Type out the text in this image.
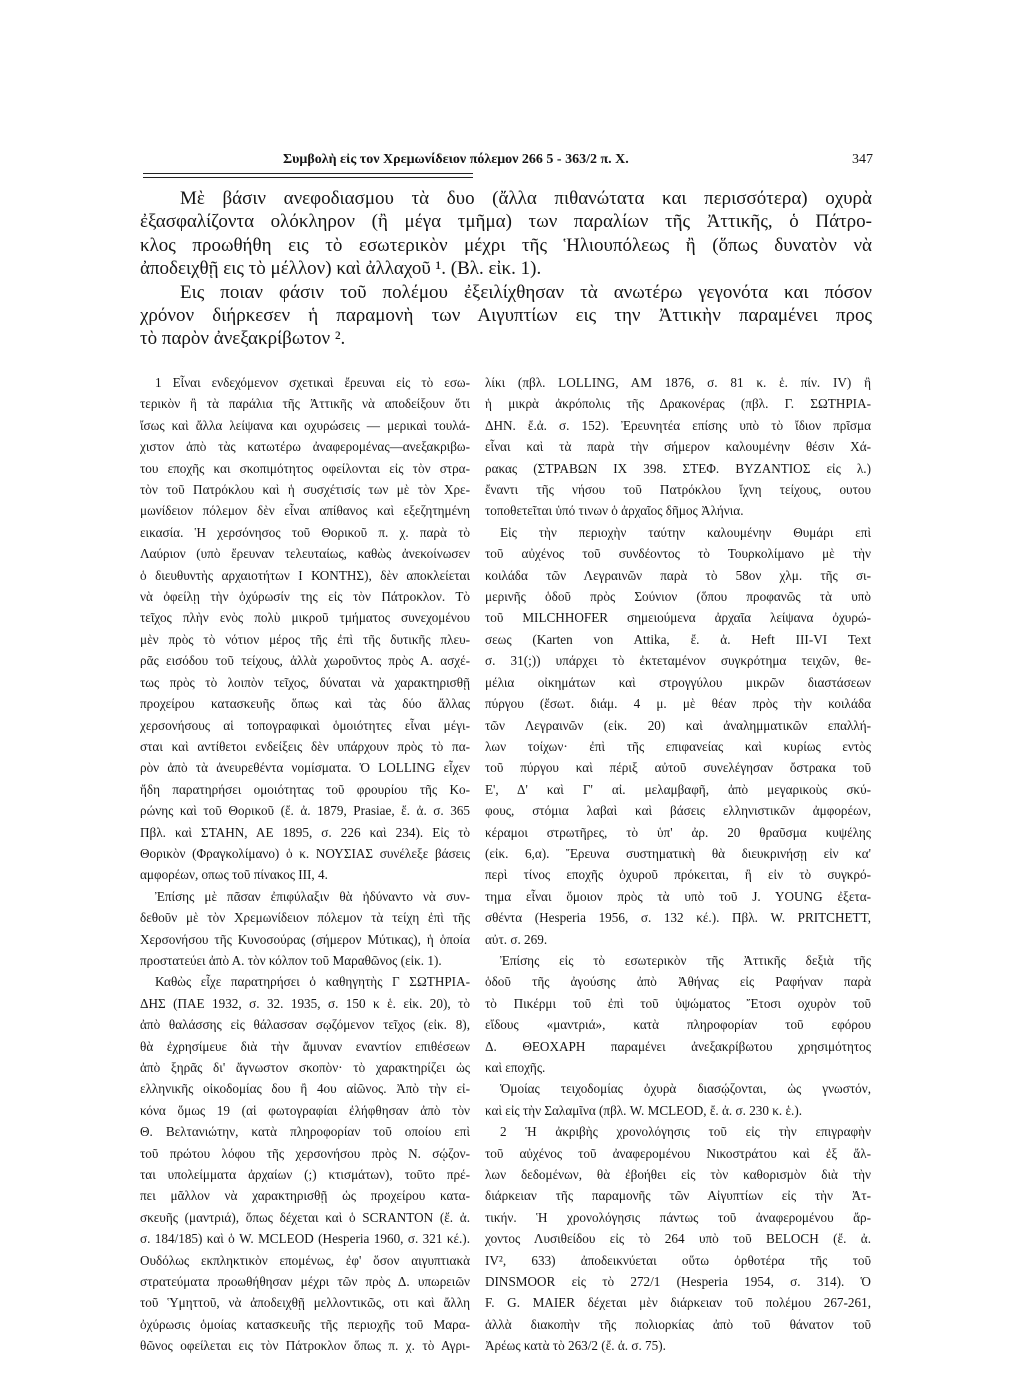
Συμβολὴ εἰς τον Χρεμωνίδειον πόλεμον 266 5 - 363/2 π. Χ.	347
Μὲ βάσιν ανεφοδιασμου τὰ δυο (ἄλλα πιθανώτατα και περισσότερα) οχυρὰ
ἐξασφαλίζοντα ολόκληρον (ἢ μέγα τμῆμα) των παραλίων τῆς Ἀττικῆς, ὁ Πάτρο-
κλος προωθήθη εις τὸ εσωτερικὸν μέχρι τῆς Ἡλιουπόλεως ἢ (ὅπως δυνατὸν νὰ
ἀποδειχθῇ εις τὸ μέλλον) καὶ ἀλλαχοῦ ¹. (Βλ. εἰκ. 1).
Εις ποιαν φάσιν τοῦ πολέμου ἐξειλίχθησαν τὰ ανωτέρω γεγονότα και πόσον
χρόνον διήρκεσεν ἡ παραμονὴ των Αιγυπτίων εις την Ἀττικὴν παραμένει προς
τὸ παρὸν ἀνεξακρίβωτον ².
1 Εἶναι ενδεχόμενον σχετικαὶ ἔρευναι εἰς τὸ εσω-
τερικὸν ἢ τὰ παράλια τῆς Ἀττικῆς νὰ αποδείξουν ὅτι
ἴσως καὶ ἄλλα λείψανα και οχυρώσεις — μερικαὶ τουλά-
χιστον ἀπὸ τὰς κατωτέρω ἀναφερομένας—ανεξακριβω-
του εποχῆς και σκοπιμότητος οφείλονται εἰς τὸν στρα-
τὸν τοῦ Πατρόκλου καὶ ἡ συσχέτισίς των μὲ τὸν Χρε-
μωνίδειον πόλεμον δὲν εἶναι απίθανος καὶ εξεζητημένη
εικασία. Ἡ χερσόνησος τοῦ Θορικοῦ π. χ. παρὰ τὸ
Λαύριον (υπὸ ἔρευναν τελευταίως, καθὼς ἀνεκοίνωσεν
ὁ διευθυντὴς αρχαιοτήτων Ι ΚΟΝΤΗΣ), δὲν αποκλείεται
νὰ ὀφείλῃ τὴν ὀχύρωσίν της εἰς τὸν Πάτροκλον. Τὸ
τεῖχος πλὴν ενὸς πολὺ μικροῦ τμήματος συνεχομένου
μὲν πρὸς τὸ νότιον μέρος τῆς ἐπὶ τῆς δυτικῆς πλευ-
ρᾶς εισόδου τοῦ τείχους, ἀλλὰ χωροῦντος πρὸς Α. ασχέ-
τως πρὸς τὸ λοιπὸν τεῖχος, δύναται νὰ χαρακτηρισθῇ
προχείρου κατασκευῆς ὅπως καὶ τὰς δύο ἄλλας
χερσονήσους αἱ τοπογραφικαὶ ὁμοιότητες εἶναι μέγι-
σται καὶ αντίθετοι ενδείξεις δὲν υπάρχουν πρὸς τὸ πα-
ρὸν ἀπὸ τὰ ἀνευρεθέντα νομίσματα. Ὁ LOLLING εἶχεν
ἤδη παρατηρήσει ομοιότητας τοῦ φρουρίου τῆς Κο-
ρώνης καὶ τοῦ Θορικοῦ (ἔ. ἀ. 1879, Prasiae, ἔ. ἀ. σ. 365
Πβλ. καὶ ΣΤΑΗΝ, ΑΕ 1895, σ. 226 καὶ 234). Εἰς τὸ
Θορικὸν (Φραγκολίμανο) ὁ κ. ΝΟΥΣΙΑΣ συνέλεξε βάσεις
αμφορέων, οπως τοῦ πίνακος ΙΙΙ, 4.
Ἐπίσης μὲ πᾶσαν ἐπιφύλαξιν θὰ ἠδύναντο νὰ συν-
δεθοῦν μὲ τὸν Χρεμωνίδειον πόλεμον τὰ τείχη ἐπὶ τῆς
Χερσονήσου τῆς Κυνοσούρας (σήμερον Μύτικας), ἡ ὁποία
προστατεύει ἀπὸ Α. τὸν κόλπον τοῦ Μαραθῶνος (εἰκ. 1).
Καθὼς εἶχε παρατηρήσει ὁ καθηγητὴς Γ ΣΩΤΗΡΙΑ-
ΔΗΣ (ΠΑΕ 1932, σ. 32. 1935, σ. 150 κ ἑ. εἰκ. 20), τὸ
ἀπὸ θαλάσσης εἰς θάλασσαν σῳζόμενον τεῖχος (εἰκ. 8),
θὰ ἐχρησίμευε διὰ τὴν ἄμυναν εναντίον επιθέσεων
ἀπὸ ξηρᾶς δι' ἄγνωστον σκοπὸν· τὸ χαρακτηρίζει ὡς
ελληνικῆς οἰκοδομίας δου ἢ 4ου αἰῶνος. Ἀπὸ τὴν εἰ-
κόνα ὅμως 19 (αἱ φωτογραφίαι ἐλήφθησαν ἀπὸ τὸν
Θ. Βελτανιώτην, κατὰ πληροφορίαν τοῦ οποίου επὶ
τοῦ πρώτου λόφου τῆς χερσονήσου πρὸς Ν. σῴζον-
ται υπολείμματα ἀρχαίων (;) κτισμάτων), τοῦτο πρέ-
πει μᾶλλον νὰ χαρακτηρισθῇ ὡς προχείρου κατα-
σκευῆς (μαντριά), ὅπως δέχεται καὶ ὁ SCRANTON (ἔ. ἀ.
σ. 184/185) καὶ ὁ W. MCLEOD (Hesperia 1960, σ. 321 κέ.).
Ουδόλως εκπληκτικὸν επομένως, ἐφ' ὅσον αιγυπτιακὰ
στρατεύματα προωθήθησαν μέχρι τῶν πρὸς Δ. υπωρειῶν
τοῦ Ὑμηττοῦ, νὰ ἀποδειχθῇ μελλοντικῶς, οτι καὶ ἄλλη
ὀχύρωσις ὁμοίας κατασκευῆς τῆς περιοχῆς τοῦ Μαρα-
θῶνος οφείλεται εις τὸν Πάτροκλον ὅπως π. χ. τὸ Αγρι-
λίκι (πβλ. LOLLING, AM 1876, σ. 81 κ. ἑ. πίν. IV) ἢ
ἡ μικρὰ ἀκρόπολις τῆς Δρακονέρας (πβλ. Γ. ΣΩΤΗΡΙΑ-
ΔΗΝ. ἔ.ἀ. σ. 152). Ἐρευνητέα επίσης υπὸ τὸ ἴδιον πρῖσμα
εἶναι καὶ τὰ παρὰ τὴν σήμερον καλουμένην θέσιν Χά-
ρακας (ΣΤΡΑΒΩΝ IX 398. ΣΤΕΦ. ΒΥΖΑΝΤΙΟΣ εἰς λ.)
ἔναντι τῆς νήσου τοῦ Πατρόκλου ἴχνη τείχους, ουτου
τοποθετεῖται ὑπό τινων ὁ ἀρχαῖος δῆμος Ἀλήνια.
Εἰς τὴν περιοχὴν ταύτην καλουμένην Θυμάρι επὶ
τοῦ αὐχένος τοῦ συνδέοντος τὸ Τουρκολίμανο μὲ τὴν
κοιλάδα τῶν Λεγραινῶν παρὰ τὸ 58ον χλμ. τῆς σι-
μερινῆς ὁδοῦ πρὸς Σούνιον (ὅπου προφανῶς τὰ υπὸ
τοῦ MILCHHOFER σημειούμενα ἀρχαῖα λείψανα ὀχυρώ-
σεως (Karten von Attika, ἔ. ἀ. Heft III-VI Text
σ. 31(;)) υπάρχει τὸ ἐκτεταμένον συγκρότημα τειχῶν, θε-
μέλια οἰκημάτων καὶ στρογγύλου μικρῶν διαστάσεων
πύργου (ἔσωτ. διάμ. 4 μ. μὲ θέαν πρὸς τὴν κοιλάδα
τῶν Λεγραινῶν (εἰκ. 20) καὶ ἀναλημματικῶν επαλλή-
λων τοίχων· ἐπὶ τῆς επιφανείας καὶ κυρίως εντὸς
τοῦ πύργου καὶ πέριξ αὐτοῦ συνελέγησαν ὄστρακα τοῦ
Ε', Δ' καὶ Γ' αἰ. μελαμβαφῆ, ἀπὸ μεγαρικοὺς σκύ-
φους, στόμια λαβαὶ καὶ βάσεις ελληνιστικῶν ἀμφορέων,
κέραμοι στρωτῆρες, τὸ ὑπ' ἀρ. 20 θραῦσμα κυψέλης
(εἰκ. 6,α). Ἔρευνα συστηματικὴ θὰ διευκρινήσῃ εἰν κα'
περὶ τίνος εποχῆς ὀχυροῦ πρόκειται, ἢ εἰν τὸ συγκρό-
τημα εἶναι ὅμοιον πρὸς τὰ υπὸ τοῦ J. YOUNG ἐξετα-
σθέντα (Hesperia 1956, σ. 132 κέ.). Πβλ. W. PRITCHETT,
αὐτ. σ. 269.
Ἐπίσης εἰς τὸ εσωτερικὸν τῆς Ἀττικῆς δεξιὰ τῆς
ὁδοῦ τῆς ἀγούσης ἀπὸ Ἀθήνας εἰς Ραφήναν παρὰ
τὸ Πικέρμι τοῦ ἐπὶ τοῦ ὑψώματος Ἔτοσι οχυρὸν τοῦ
εἴδους «μαντριά», κατὰ πληροφορίαν τοῦ εφόρου
Δ. ΘΕΟΧΑΡΗ παραμένει ἀνεξακρίβωτου χρησιμότητος
καὶ εποχῆς.
Ὁμοίας τειχοδομίας ὀχυρὰ διασῴζονται, ὡς γνωστόν,
καὶ εἰς τὴν Σαλαμῖνα (πβλ. W. MCLEOD, ἔ. ἀ. σ. 230 κ. ἑ.).
2 Ἡ ἀκριβὴς χρονολόγησις τοῦ εἰς τὴν επιγραφὴν
τοῦ αὐχένος τοῦ ἀναφερομένου Νικοστράτου καὶ ἐξ ἄλ-
λων δεδομένων, θὰ ἐβοήθει εἰς τὸν καθορισμὸν διὰ τὴν
διάρκειαν τῆς παραμονῆς τῶν Αἰγυπτίων εἰς τὴν Ἀτ-
τικήν. Ἡ χρονολόγησις πάντως τοῦ ἀναφερομένου ἄρ-
χοντος Λυσιθείδου εἰς τὸ 264 υπὸ τοῦ BELOCH (ἔ. ἀ.
IV², 633) ἀποδεικνύεται οὕτω ὀρθοτέρα τῆς τοῦ
DINSMOOR εἰς τὸ 272/1 (Hesperia 1954, σ. 314). Ὁ
F. G. MAIER δέχεται μὲν διάρκειαν τοῦ πολέμου 267-261,
ἀλλὰ διακοπὴν τῆς πολιορκίας ἀπὸ τοῦ θάνατον τοῦ
Ἀρέως κατὰ τὸ 263/2 (ἔ. ἀ. σ. 75).
